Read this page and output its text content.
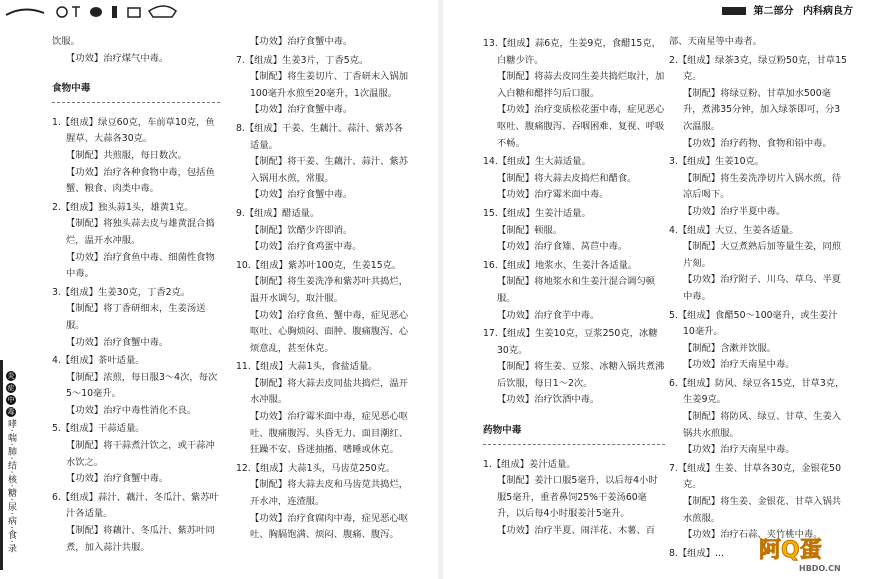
炎
症
中
毒
哮·喘·肺·结·核·糖·尿·病·食·录

饮服。

【功效】治疗煤气中毒。

食物中毒

1.【组成】绿豆60克，车前草10克，鱼腥草、大蒜各30克。

【制配】共煎服，每日数次。

【功效】治疗各种食物中毒，包括鱼蟹、粮食、肉类中毒。

2.【组成】独头蒜1头，雄黄1克。

【制配】将独头蒜去皮与雄黄混合捣烂，温开水冲服。

【功效】治疗食鱼中毒、细菌性食物中毒。

3.【组成】生姜30克，丁香2克。

【制配】将丁香研细末，生姜汤送服。

【功效】治疗食蟹中毒。

4.【组成】茶叶适量。

【制配】浓煎，每日服3～4次，每次5～10毫升。

【功效】治疗中毒性消化不良。

5.【组成】干蒜适量。

【制配】将干蒜煮汁饮之，或干蒜冲水饮之。

【功效】治疗食蟹中毒。

6.【组成】蒜汁、藕汁、冬瓜汁、紫苏叶汁各适量。

【制配】将藕汁、冬瓜汁、紫苏叶同煮，加入蒜汁共服。

【功效】治疗食蟹中毒。

7.【组成】生姜3片，丁香5克。

【制配】将生姜切片、丁香研末入锅加100毫升水煎至20毫升，1次温服。

【功效】治疗食蟹中毒。

8.【组成】干姜、生藕汁、蒜汁、紫苏各适量。

【制配】将干姜、生藕汁、蒜汁、紫苏入锅用水煎，常服。

【功效】治疗食蟹中毒。

9.【组成】醋适量。

【制配】饮醋少许即消。

【功效】治疗食鸡蛋中毒。

10.【组成】紫苏叶100克，生姜15克。

【制配】将生姜洗净和紫苏叶共捣烂，温开水调匀，取汁服。

【功效】治疗食鱼、蟹中毒，症见恶心呕吐、心胸烦闷、面肿、腹痛腹泻、心烦意乱，甚至休克。

11.【组成】大蒜1头，食盐适量。

【制配】将大蒜去皮同盐共捣烂，温开水冲服。

【功效】治疗霉米面中毒，症见恶心呕吐、腹痛腹泻、头昏无力、面目潮红、狂躁不安、昏迷抽搐、嗜睡或休克。

12.【组成】大蒜1头，马齿苋250克。

【制配】将大蒜去皮和马齿苋共捣烂，开水冲，连渣服。

【功效】治疗食腐肉中毒，症见恶心呕吐、胸膈饱满、烦闷、腹痛、腹泻。

第二部分 内科病良方

13.【组成】蒜6克，生姜9克，食醋15克，白糖少许。

【制配】将蒜去皮同生姜共捣烂取汁，加入白糖和醋拌匀后口服。

【功效】治疗变质松花蛋中毒，症见恶心呕吐、腹痛腹泻、吞咽困难、复视、呼吸不畅。

14.【组成】生大蒜适量。

【制配】将大蒜去皮捣烂和醋食。

【功效】治疗霉米面中毒。

15.【组成】生姜汁适量。

【制配】顿服。

【功效】治疗食雉、莴苣中毒。

16.【组成】地浆水、生姜汁各适量。

【制配】将地浆水和生姜汁混合调匀顿服。

【功效】治疗食芋中毒。

17.【组成】生姜10克，豆浆250克，冰糖30克。

【制配】将生姜、豆浆、冰糖入锅共煮沸后饮服，每日1～2次。

【功效】治疗饮酒中毒。

药物中毒

1.【组成】姜汁适量。

【制配】姜汁口服5毫升，以后每4小时服5毫升，重者鼻饲25%干姜汤60毫升，以后每4小时服姜汁5毫升。

【功效】治疗半夏、闹洋花、木薯、百

部、天南星等中毒者。

2.【组成】绿茶3克，绿豆粉50克，甘草15克。

【制配】将绿豆粉、甘草加水500毫升，煮沸35分钟，加入绿茶即可，分3次温服。

【功效】治疗药物、食物和铅中毒。

3.【组成】生姜10克。

【制配】将生姜洗净切片入锅水煎，待凉后喝下。

【功效】治疗半夏中毒。

4.【组成】大豆、生姜各适量。

【制配】大豆煮熟后加等量生姜，同煎片刻。

【功效】治疗附子、川乌、草乌、半夏中毒。

5.【组成】食醋50～100毫升，或生姜汁10毫升。

【制配】含漱并饮服。

【功效】治疗天南星中毒。

6.【组成】防风、绿豆各15克，甘草3克，生姜9克。

【制配】将防风、绿豆、甘草、生姜入锅共水煎服。

【功效】治疗天南星中毒。

7.【组成】生姜、甘草各30克，金银花50克。

【制配】将生姜、金银花、甘草入锅共水煎服。

【功效】治疗石蒜、夹竹桃中毒。

8.【组成】...	阿Q蛋
HBDO.CN
